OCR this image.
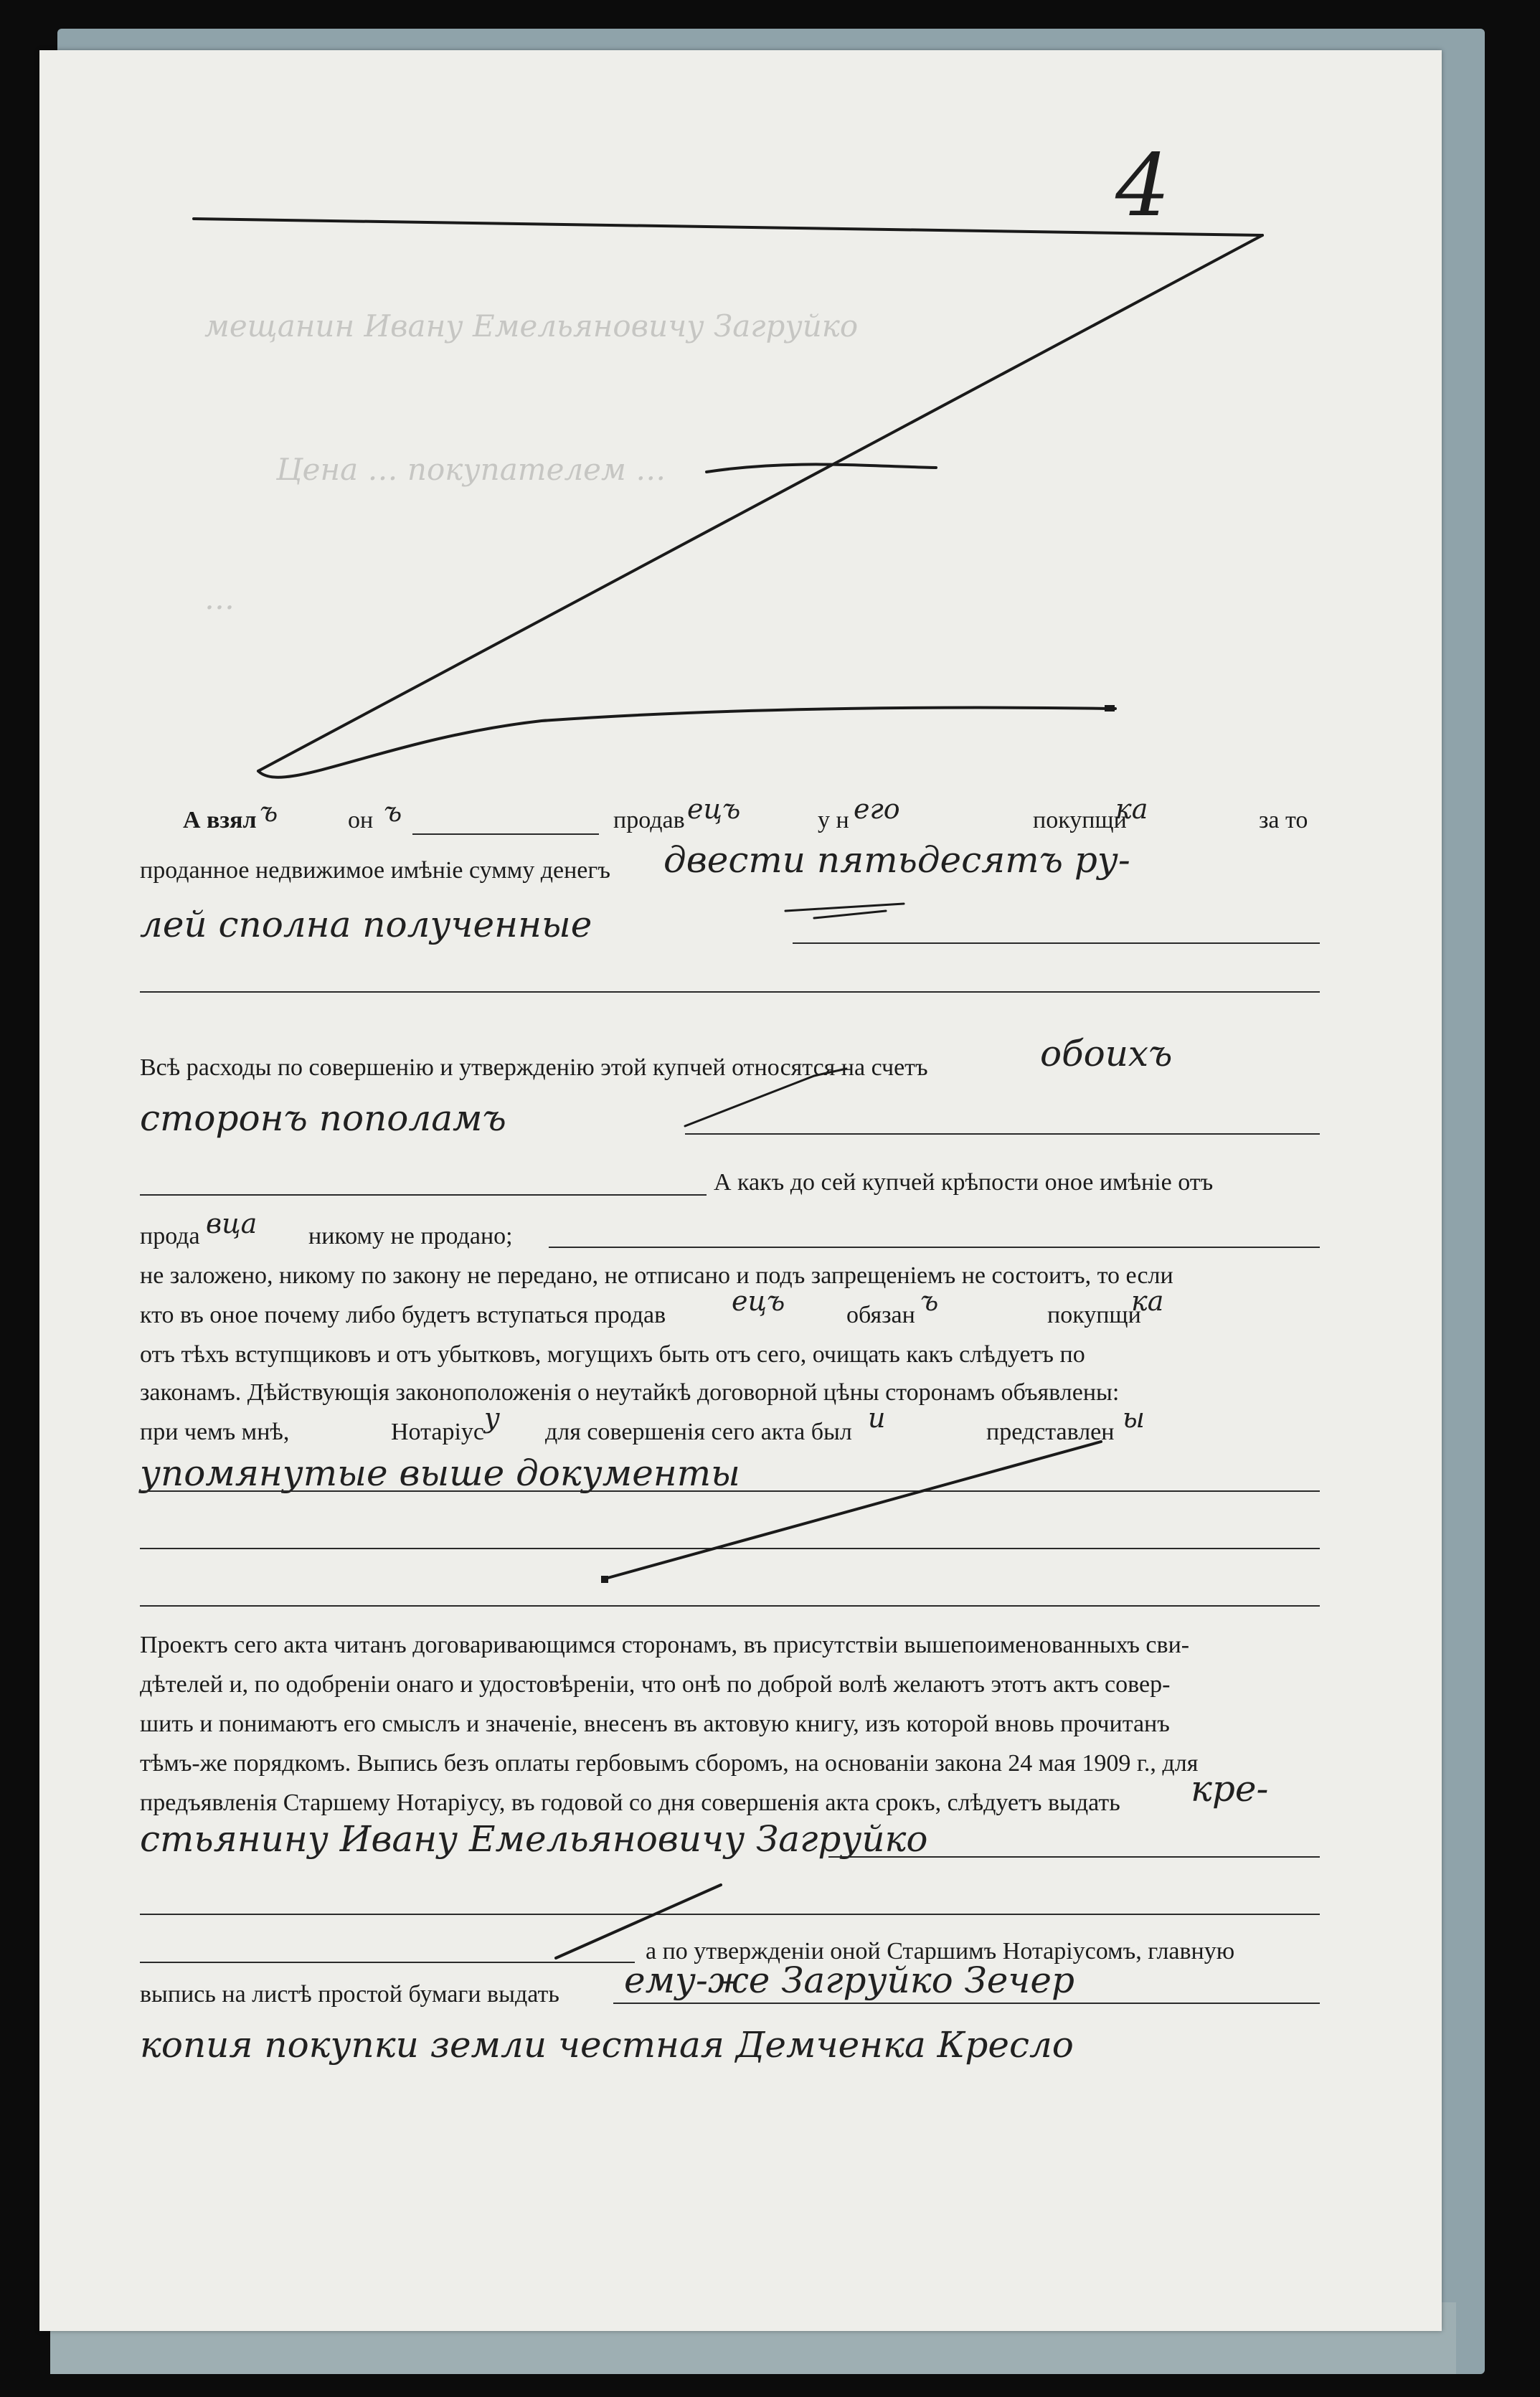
4
мещанин Ивану Емельяновичу Загруйко
Цена … покупателем …
…
А взял ъ	он ъ	продав ецъ	у н его	покупщи
ка	за то
проданное недвижимое имѣніе сумму денегъ двести пятьдесятъ ру-
лей сполна полученные
Всѣ расходы по совершенію и утвержденію этой купчей относятся на счетъ	обоихъ
сторонъ пополамъ
А какъ до сей купчей крѣпости оное имѣніе отъ
прода вца никому не продано;
не заложено, никому по закону не передано, не отписано и подъ запрещеніемъ не состоитъ, то если
кто въ оное почему либо будетъ вступаться продав ецъ	обязан ъ	покупщи
ка
отъ тѣхъ вступщиковъ и отъ убытковъ, могущихъ быть отъ сего, очищать какъ слѣдуетъ по
законамъ. Дѣйствующія законоположенія о неутайкѣ договорной цѣны сторонамъ объявлены:
при чемъ мнѣ,	Нотаріус у для совершенія сего акта был и	представлен ы
упомянутые выше документы
Проектъ сего акта читанъ договаривающимся сторонамъ, въ присутствіи вышепоименованныхъ сви-
дѣтелей и, по одобреніи онаго и удостовѣреніи, что онѣ по доброй волѣ желаютъ этотъ актъ совер-
шить и понимаютъ его смыслъ и значеніе, внесенъ въ актовую книгу, изъ которой вновь прочитанъ
тѣмъ-же порядкомъ. Выпись безъ оплаты гербовымъ сборомъ, на основаніи закона 24 мая 1909 г., для
предъявленія Старшему Нотаріусу, въ годовой со дня совершенія акта срокъ, слѣдуетъ выдать кре-
стьянину Ивану Емельяновичу Загруйко
а по утвержденіи оной Старшимъ Нотаріусомъ, главную
выпись на листѣ простой бумаги выдать ему-же Загруйко Зечер
копия покупки земли честная Демченка Кресло
